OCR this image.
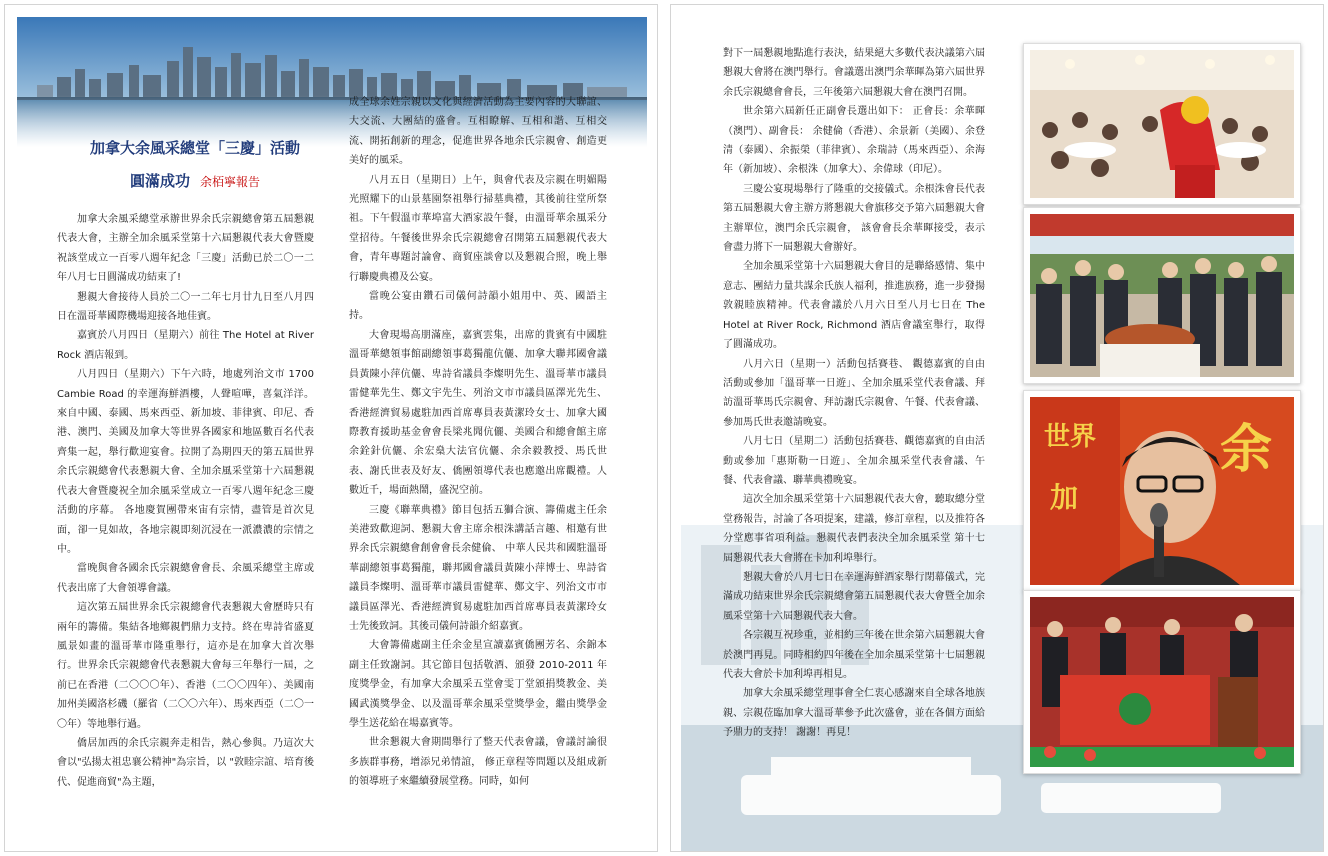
加拿大余風采總堂「三慶」活動
圓滿成功 余栢寧報告

加拿大余風采總堂承辦世界余氏宗親總會第五屆懇親代表大會，主辦全加余風采堂第十六屆懇親代表大會暨慶祝該堂成立一百零八週年紀念「三慶」活動已於二〇一二年八月七日圓滿成功結束了!

懇親大會接待人員於二〇一二年七月廿九日至八月四日在溫哥華國際機場迎接各地佳賓。

嘉賓於八月四日（星期六）前往 The Hotel at River Rock 酒店報到。

八月四日（星期六）下午六時，地處列治文市 1700 Cambie Road 的幸運海鮮酒樓，人聲喧嘩，喜氣洋洋。來自中國、泰國、馬來西亞、新加坡、菲律賓、印尼、香港、澳門、美國及加拿大等世界各國家和地區數百名代表齊集一起，舉行歡迎宴會。拉開了為期四天的第五屆世界余氏宗親總會代表懇親大會、全加余風采堂第十六屆懇親代表大會暨慶祝全加余風采堂成立一百零八週年紀念三慶活動的序幕。 各地慶賀團帶來宙有宗情，盡管是首次見面，卻一見如故，各地宗親即刻沉浸在一派濃濃的宗情之中。

當晚與會各國余氏宗親總會會長、余風采總堂主席或代表出席了大會領導會議。

這次第五屆世界余氏宗親總會代表懇親大會歷時只有兩年的籌備。集結各地鄉親們鼎力支持。終在卑詩省盛夏風景如畫的溫哥華市隆重舉行，這亦是在加拿大首次舉行。世界余氏宗親總會代表懇親大會每三年舉行一屆，之前已在香港（二〇〇〇年）、香港（二〇〇四年）、美國南加州美國洛杉磯（羅省（二〇〇六年）、馬來西亞（二〇一〇年）等地舉行過。

僑居加西的余氏宗親奔走相告，熱心參與。乃這次大會以"弘揚太祖忠襄公精神"為宗旨，以 "敦睦宗誼、培育後代、促進商貿"為主題，

成全球余姓宗親以文化與經濟活動為主要內容的大聯誼、大交流、大團結的盛會。互相瞭解、互相和諧、互相交流、開拓創新的理念，促進世界各地余氏宗親會、創造更美好的風采。

八月五日（星期日）上午，與會代表及宗親在明媚陽光照耀下的山景墓園祭祖舉行掃墓典禮，其後前往堂所祭祖。下午假溫市華埠富大酒家設午餐，由溫哥華余風采分堂招待。午餐後世界余氏宗親總會召開第五屆懇親代表大會，青年專題討論會、商貿座談會以及懇親合照，晚上舉行聯慶典禮及公宴。

當晚公宴由鑽石司儀何詩韻小姐用中、英、國語主持。

大會現場高朋滿座，嘉賓雲集，出席的貴賓有中國駐溫哥華總領事館副總領事葛獨龍伉儷、加拿大聯邦國會議員黃陳小萍伉儷、卑詩省議員李燦明先生、溫哥華市議員雷健華先生、鄭文宇先生、列治文市市議員區澤光先生、香港經濟貿易處駐加西首席專員表黃潔玲女士、加拿大國際教育援助基金會會長梁兆聞伉儷、美國合和總會館主席余銓針伉儷、余宏燊大法官伉儷、余余毅教授、馬氏世表、謝氏世表及好友、僑團領導代表也應邀出席觀禮。人數近千，場面熱鬧，盛況空前。

三慶《聯華典禮》節目包括五獅合演、籌備處主任余美港致歡迎詞、懇親大會主席余根洙講話言趣、相邀有世界余氏宗親總會創會會長余健倫、 中華人民共和國駐溫哥華副總領事葛獨龍，聯邦國會議員黃陳小萍博士、卑詩省議員李燦明、溫哥華市議員雷健華、鄭文宇、列治文市市議員區澤光、香港經濟貿易處駐加西首席專員表黃潔玲女士先後致詞。其後司儀何詩韻介紹嘉賓。

大會籌備處副主任余金星宣讀嘉賓僑團芳名、余錦本副主任致謝詞。其它節目包括敬酒、頒發 2010-2011 年度獎學金，有加拿大余風采五堂會雯丁堂頒捐獎教金、美國武漢獎學金、以及溫哥華余風采堂獎學金，繼由獎學金學生送花給在場嘉賓等。

世余懇親大會期間舉行了整天代表會議，會議討論很多族群事務，增添兄弟情誼， 修正章程等問題以及組成新的領導班子來繼續發展堂務。同時，如何

對下一屆懇親地點進行表決，結果絕大多數代表決議第六屆懇親大會將在澳門舉行。會議選出澳門余華暉為第六屆世界余氏宗親總會會長，三年後第六屆懇親大會在澳門召開。

世余第六屆新任正副會長選出如下： 正會長：余華暉（澳門）、副會長： 余健倫（香港）、余景新（美國）、余登清（泰國）、余振榮（菲律賓）、余瑞詩（馬來西亞）、余海年（新加坡）、余根洙（加拿大）、余偉球（印尼）。

三慶公宴現場舉行了隆重的交接儀式。余根洙會長代表第五屆懇親大會主辦方將懇親大會旗移交予第六屆懇親大會主辦單位，澳門余氏宗親會， 該會會長余華暉接受，表示會盡力將下一屆懇親大會辦好。

全加余風采堂第十六屆懇親大會目的是聯絡感情、集中意志、團結力量共謀余氏族人福利，推進族務，進一步發揚敦親睦族精神。代表會議於八月六日至八月七日在 The Hotel at River Rock, Richmond 酒店會議室舉行，取得了圓滿成功。

八月六日（星期一）活動包括賽巷、 觀德嘉賓的自由活動或參加「溫哥華一日遊」、全加余風采堂代表會議、拜訪溫哥華馬氏宗親會、拜訪謝氏宗親會、午餐、代表會議、參加馬氏世表邀請晚宴。

八月七日（星期二）活動包括賽巷、觀德嘉賓的自由活動或參加「惠斯勒一日遊」、全加余風采堂代表會議、午餐、代表會議、聯華典禮晚宴。

這次全加余風采堂第十六屆懇親代表大會，聽取總分堂堂務報告，討論了各項提案，建議，修訂章程，以及推符各分堂應事省項利益。懇親代表們表決全加余風采堂 第十七屆懇親代表大會將在卡加利埠舉行。

懇親大會於八月七日在幸運海鮮酒家舉行閉幕儀式，完滿成功結束世界余氏宗親總會第五屆懇親代表大會暨全加余風采堂第十六屆懇親代表大會。

各宗親互祝珍重，並相約三年後在世余第六屆懇親大會於澳門再見。同時相約四年後在全加余風采堂第十七屆懇親代表大會於卡加利埠再相見。

加拿大余風采總堂理事會全仁衷心感謝來自全球各地族親、宗親莅臨加拿大溫哥華參予此次盛會，並在各個方面給予鼎力的支持！ 謝謝！再見！

世界 余
加
